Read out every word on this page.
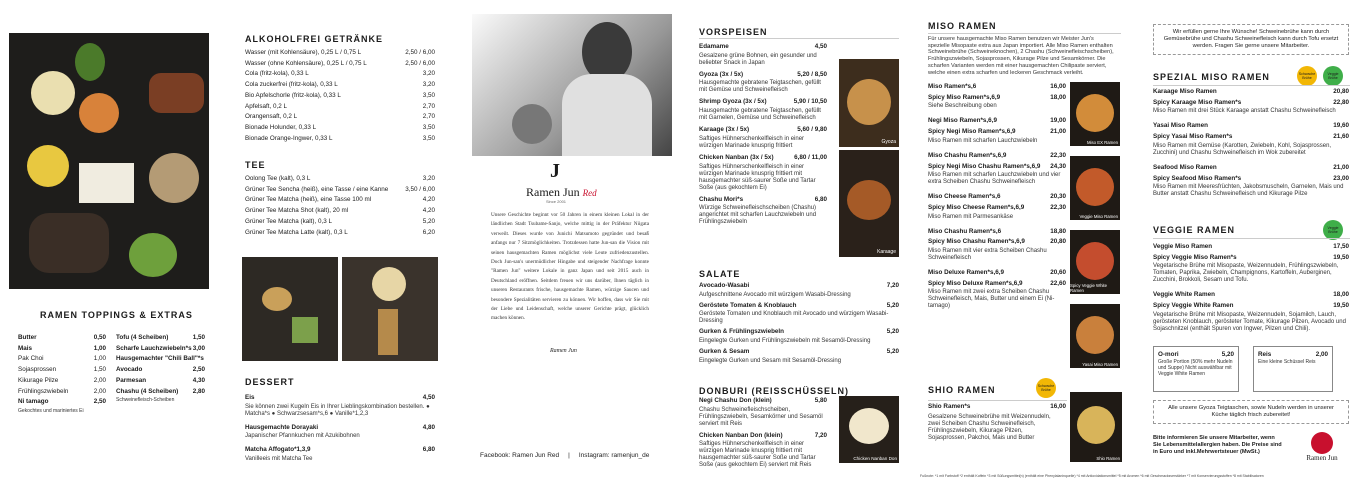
RAMEN TOPPINGS & EXTRAS
Butter	0,50
Mais	1,00
Pak Choi	1,00
Sojasprossen	1,50
Kikurage Pilze	2,00
Frühlingszwiebeln	2,00
Ni tamago	2,50
Gekochtes und mariniertes Ei
Tofu (4 Scheiben)	1,50
Scharfe Lauchzwiebeln*s 3,00
Hausgemachter "Chili Ball"*s
Avocado	2,50
Parmesan	4,30
Chashu (4 Scheiben) 2,80
Schweinefleisch-Scheiben
ALKOHOLFREI GETRÄNKE
Wasser (mit Kohlensäure), 0,25 L / 0,75 L	2,50 / 6,00
Wasser (ohne Kohlensäure), 0,25 L / 0,75 L	2,50 / 6,00
Cola (fritz-kola), 0,33 L	3,20
Cola zuckerfrei (fritz-kola), 0,33 L	3,20
Bio Apfelschorle (fritz-kola), 0,33 L	3,50
Apfelsaft, 0,2 L	2,70
Orangensaft, 0,2 L	2,70
Bionade Holunder, 0,33 L	3,50
Bionade Orange-Ingwer, 0,33 L	3,50
TEE
Oolong Tee (kalt), 0,3 L	3,20
Grüner Tee Sencha (heiß), eine Tasse / eine Kanne	3,50 / 6,00
Grüner Tee Matcha (heiß), eine Tasse 100 ml	4,20
Grüner Tee Matcha Shot (kalt), 20 ml	4,20
Grüner Tee Matcha (kalt), 0,3 L	5,20
Grüner Tee Matcha Latte (kalt), 0,3 L	6,20
DESSERT
Eis	4,50
Sie können zwei Kugeln Eis in Ihrer Lieblingskombination bestellen. ● Matcha*s ● Schwarzsesam*s,6 ● Vanille*1,2,3
Hausgemachte Dorayaki	4,80
Japanischer Pfannkuchen mit Azukibohnen
Matcha Affogato*1,3,9	6,80
Vanilleeis mit Matcha Tee
J
Ramen Jun Red
Since 2001
Unsere Geschichte beginnt vor 50 Jahren in einem kleinen Lokal in der ländlichen Stadt Tsubame-Sanjo, welche mittig in der Präfektur Niigata verweilt. Dieses wurde von Junichi Matsumoto gegründet und besaß anfangs nur 7 Sitzmöglichkeiten. Trotzdessen hatte Jun-san die Vision mit seinen hausgemachten Ramen möglichst viele Leute zufriedenzustellen. Doch Jun-san's unermüdlicher Hingabe und steigender Nachfrage konnte "Ramen Jun" weitere Lokale in ganz Japan und seit 2015 auch in Deutschland eröffnen. Seitdem freuen wir uns darüber, Ihnen täglich in unseren Restaurants frische, hausgemachte Ramen, würzige Saucen und besondere Spezialitäten servieren zu können. Wir hoffen, dass wir Sie mit der Liebe und Leidenschaft, welche unserer Gerichte prägt, glücklich machen können.
Ramen Jun
Facebook: Ramen Jun Red     |     Instagram: ramenjun_de
VORSPEISEN
Edamame	4,50
Gesalzene grüne Bohnen, ein gesunder und beliebter Snack in Japan
Gyoza (3x / 5x)	5,20 / 8,50
Hausgemachte gebratene Teigtaschen, gefüllt mit Gemüse und Schweinefleisch
Shrimp Gyoza (3x / 5x)	5,90 / 10,50
Hausgemachte gebratene Teigtaschen, gefüllt mit Garnelen, Gemüse und Schweinefleisch
Karaage (3x / 5x)	5,60 / 9,80
Saftiges Hühnerschenkelfleisch in einer würzigen Marinade knusprig frittiert
Chicken Nanban (3x / 5x)	6,80 / 11,00
Saftiges Hühnerschenkelfleisch in einer würzigen Marinade knusprig frittiert mit hausgemachter süß-saurer Soße und Tartar Soße (aus gekochtem Ei)
Chashu Mori*s	6,80
Würzige Schweinefleischscheiben (Chashu) angerichtet mit scharfen Lauchzwiebeln und Frühlingszwiebeln
Gyoza
Karaage
SALATE
Avocado-Wasabi	7,20
Aufgeschnittene Avocado mit würzigem Wasabi-Dressing
Geröstete Tomaten & Knoblauch	5,20
Geröstete Tomaten und Knoblauch mit Avocado und würzigem Wasabi-Dressing
Gurken & Frühlingszwiebeln	5,20
Eingelegte Gurken und Frühlingszwiebeln mit Sesamöl-Dressing
Gurken & Sesam	5,20
Eingelegte Gurken und Sesam mit Sesamöl-Dressing
DONBURI (REISSCHÜSSELN)
Negi Chashu Don (klein)	5,80
Chashu Schweinefleischscheiben, Frühlingszwiebeln, Sesamkörner und Sesamöl serviert mit Reis
Chicken Nanban Don (klein)	7,20
Saftiges Hühnerschenkelfleisch in einer würzigen Marinade knusprig frittiert mit hausgemachter süß-saurer Soße und Tartar Soße (aus gekochtem Ei) serviert mit Reis
Chicken Nanban Don
MISO RAMEN
Für unsere hausgemachte Miso Ramen benutzen wir Meister Jun's spezielle Misopaste extra aus Japan importiert. Alle Miso Ramen enthalten Schweinebrühe (Schweineknochen), 2 Chashu (Schweinefleischscheiben), Frühlingszwiebeln, Sojasprossen, Kikurage Pilze und Sesamkörner. Die scharfen Varianten werden mit einer hausgemachten Chilipaste serviert, welche einen extra scharfen und leckeren Geschmack verleiht.
Miso Ramen*s,6	16,00
Spicy Miso Ramen*s,6,9	18,00
Siehe Beschreibung oben
Negi Miso Ramen*s,6,9	19,00
Spicy Negi Miso Ramen*s,6,9	21,00
Miso Ramen mit scharfen Lauchzwiebeln
Miso Chashu Ramen*s,6,9	22,30
Spicy Negi Miso Chashu Ramen*s,6,9 24,30
Miso Ramen mit scharfen Lauchzwiebeln und vier extra Scheiben Chashu Schweinefleisch
Miso Cheese Ramen*s,6	20,30
Spicy Miso Cheese Ramen*s,6,9	22,30
Miso Ramen mit Parmesankäse
Miso Chashu Ramen*s,6	18,80
Spicy Miso Chashu Ramen*s,6,9	20,80
Miso Ramen mit vier extra Scheiben Chashu Schweinefleisch
Miso Deluxe Ramen*s,6,9	20,60
Spicy Miso Deluxe Ramen*s,6,9	22,60
Miso Ramen mit zwei extra Scheiben Chashu Schweinefleisch, Mais, Butter und einem Ei (Ni-tamago)
Miso EX Ramen
Veggie Miso Ramen
Spicy Veggie White Ramen
Yasai Miso Ramen
SHIO RAMEN	Schwache Brühe
Shio Ramen*s	16,00
Gesalzene Schweinebrühe mit Weizennudeln, zwei Scheiben Chashu Schweinefleisch, Frühlingszwiebeln, Kikurage Pilzen, Sojasprossen, Pakchoi, Mais und Butter
Shio Ramen
Wir erfüllen gerne Ihre Wünsche! Schweinebrühe kann durch Gemüsebrühe und Chashu Schweinefleisch kann durch Tofu ersetzt werden. Fragen Sie gerne unsere Mitarbeiter.
SPEZIAL MISO RAMEN	Schwache Brühe
Veggie Brühe
Karaage Miso Ramen	20,80
Spicy Karaage Miso Ramen*s	22,80
Miso Ramen mit drei Stück Karaage anstatt Chashu Schweinefleisch
Yasai Miso Ramen	19,60
Spicy Yasai Miso Ramen*s	21,60
Miso Ramen mit Gemüse (Karotten, Zwiebeln, Kohl, Sojasprossen, Zucchini) und Chashu Schweinefleisch im Wok zubereitet
Seafood Miso Ramen	21,00
Spicy Seafood Miso Ramen*s	23,00
Miso Ramen mit Meeresfrüchten, Jakobsmuscheln, Garnelen, Mais und Butter anstatt Chashu Schweinefleisch und Kikurage Pilze
VEGGIE RAMEN	Veggie Brühe
Veggie Miso Ramen	17,50
Spicy Veggie Miso Ramen*s	19,50
Vegetarische Brühe mit Misopaste, Weizennudeln, Frühlingszwiebeln, Tomaten, Paprika, Zwiebeln, Champignons, Kartoffeln, Auberginen, Zucchini, Brokkoli, Sesam und Tofu.
Veggie White Ramen	18,00
Spicy Veggie White Ramen	19,50
Vegetarische Brühe mit Misopaste, Weizennudeln, Sojamilch, Lauch, gerösteten Knoblauch, gerösteter Tomate, Kikurage Pilzen, Avocado und Sojaschnitzel (enthält Spuren von Ingwer, Pilzen und Chili).
O-mori	5,20
Große Portion (50% mehr Nudeln und Suppe) Nicht auswählbar mit Veggie White Ramen
Reis	2,00
Eine kleine Schüssel Reis
Alle unsere Gyoza Teigtaschen, sowie Nudeln werden in unserer Küche täglich frisch zubereitet!
Bitte informieren Sie unsere Mitarbeiter, wenn Sie Lebensmittelallergien haben. Die Preise sind in Euro und inkl.Mehrwertsteuer (MwSt.)
Ramen Jun
Fußnote: *1 mit Farbstoff *2 enthält Koffein *3 mit Süßungsmittel(n) (enthält eine Phenylalaninquelle) *4 mit Antioxidationsmittel *5 mit Aromen *6 mit Geschmacksverstärker *7 mit Konservierungsstoffen *8 mit Stabilisatoren
